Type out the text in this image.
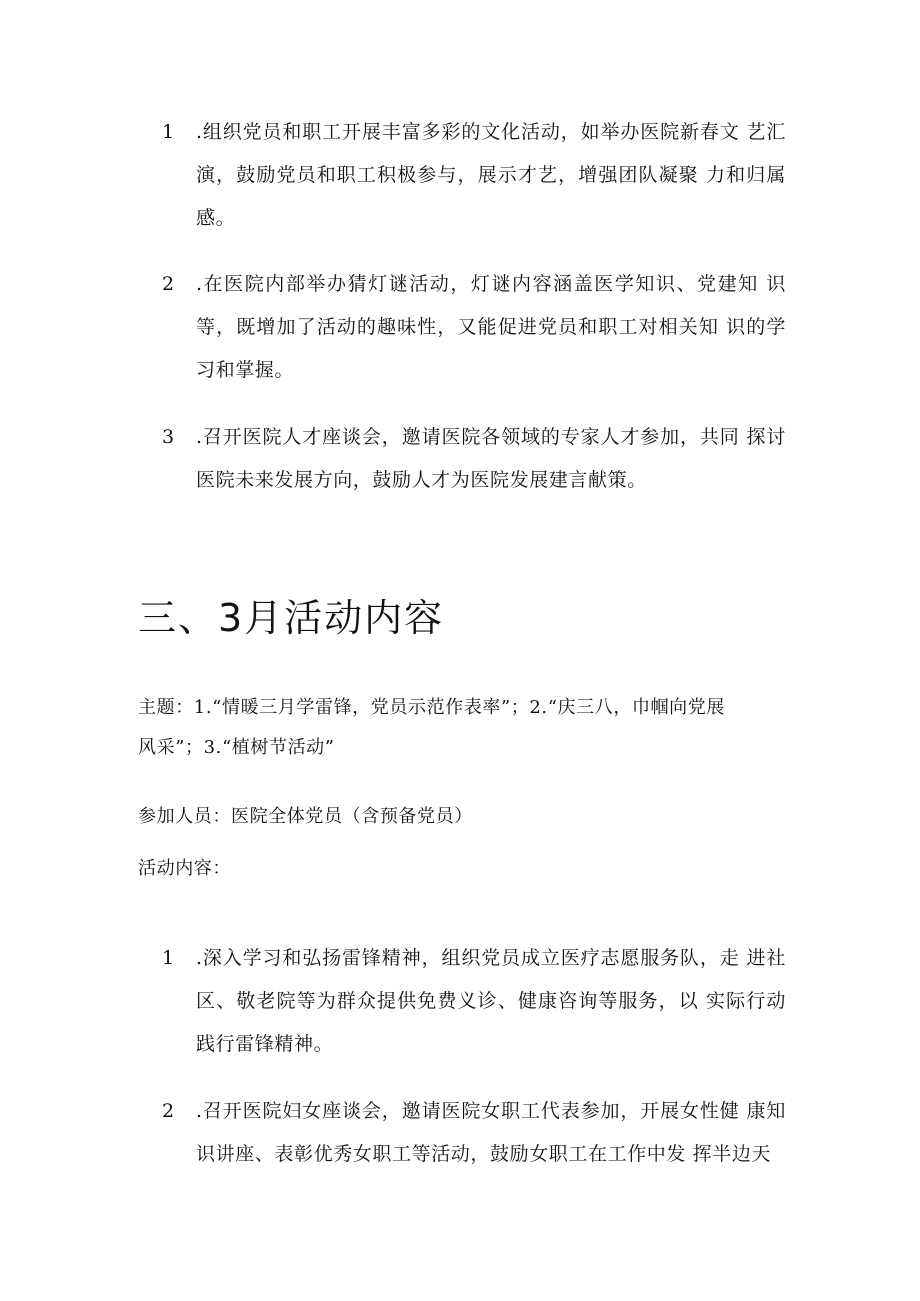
1	.组织党员和职工开展丰富多彩的文化活动，如举办医院新春文 艺汇演，鼓励党员和职工积极参与，展示才艺，增强团队凝聚 力和归属感。
2	.在医院内部举办猜灯谜活动，灯谜内容涵盖医学知识、党建知 识等，既增加了活动的趣味性，又能促进党员和职工对相关知 识的学习和掌握。
3	.召开医院人才座谈会，邀请医院各领域的专家人才参加，共同 探讨医院未来发展方向，鼓励人才为医院发展建言献策。
三、3月活动内容
主题：1.“情暖三月学雷锋，党员示范作表率”；2.“庆三八，巾帼向党展风采”；3.“植树节活动”
参加人员：医院全体党员（含预备党员）
活动内容：
1	.深入学习和弘扬雷锋精神，组织党员成立医疗志愿服务队，走 进社区、敬老院等为群众提供免费义诊、健康咨询等服务，以 实际行动践行雷锋精神。
2	.召开医院妇女座谈会，邀请医院女职工代表参加，开展女性健 康知识讲座、表彰优秀女职工等活动，鼓励女职工在工作中发 挥半边天
